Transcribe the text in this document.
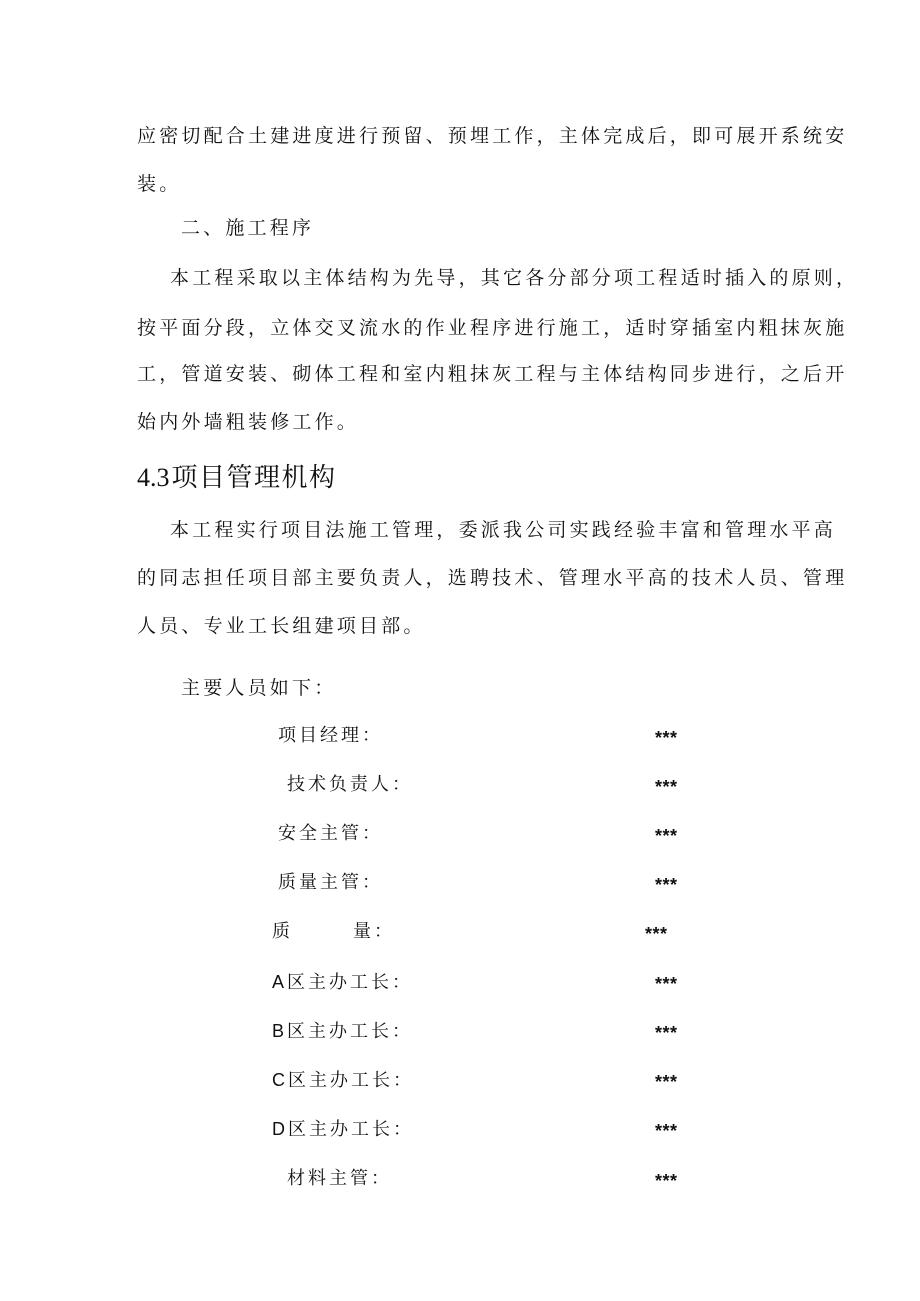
应密切配合土建进度进行预留、预埋工作，主体完成后，即可展开系统安
装。
二、施工程序
本工程采取以主体结构为先导，其它各分部分项工程适时插入的原则，
按平面分段，立体交叉流水的作业程序进行施工，适时穿插室内粗抹灰施
工，管道安装、砌体工程和室内粗抹灰工程与主体结构同步进行，之后开
始内外墙粗装修工作。
4.3项目管理机构
本工程实行项目法施工管理，委派我公司实践经验丰富和管理水平高
的同志担任项目部主要负责人，选聘技术、管理水平高的技术人员、管理
人员、专业工长组建项目部。
主要人员如下：
项目经理：	***
技术负责人：	***
安全主管：	***
质量主管：	***
质	量：	***
A 区主办工长：	***
B 区主办工长：	***
C 区主办工长：	***
D 区主办工长：	***
材料主管：	***
